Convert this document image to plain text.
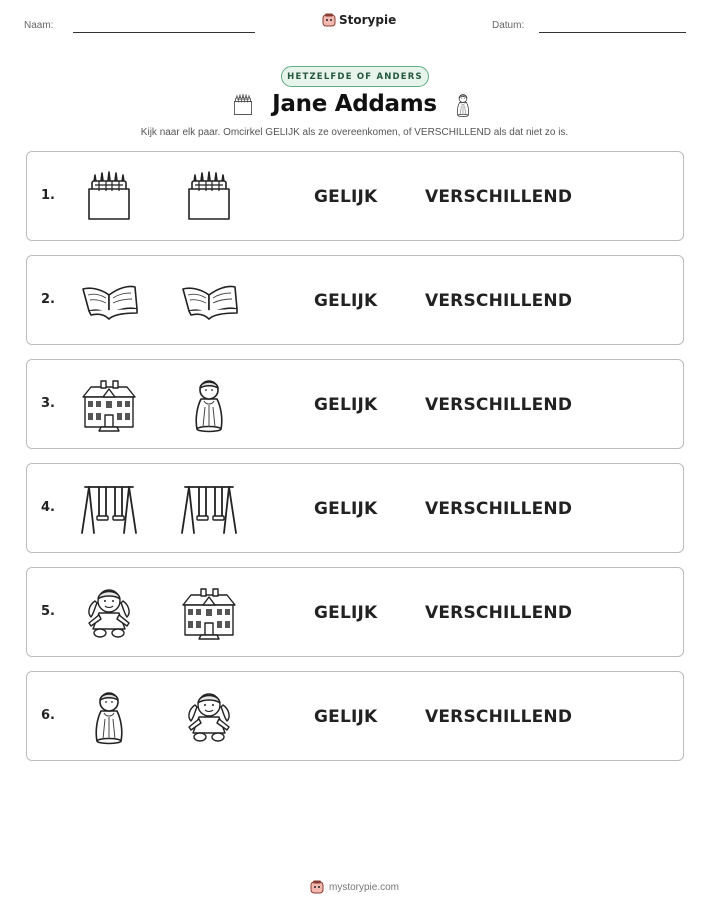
Naam:	Storypie	Datum:
HETZELFDE OF ANDERS
Jane Addams
Kijk naar elk paar. Omcirkel GELIJK als ze overeenkomen, of VERSCHILLEND als dat niet zo is.
1.	GELIJK	VERSCHILLEND
2.	GELIJK	VERSCHILLEND
3.	GELIJK	VERSCHILLEND
4.	GELIJK	VERSCHILLEND
5.	GELIJK	VERSCHILLEND
6.	GELIJK	VERSCHILLEND
mystorypie.com
